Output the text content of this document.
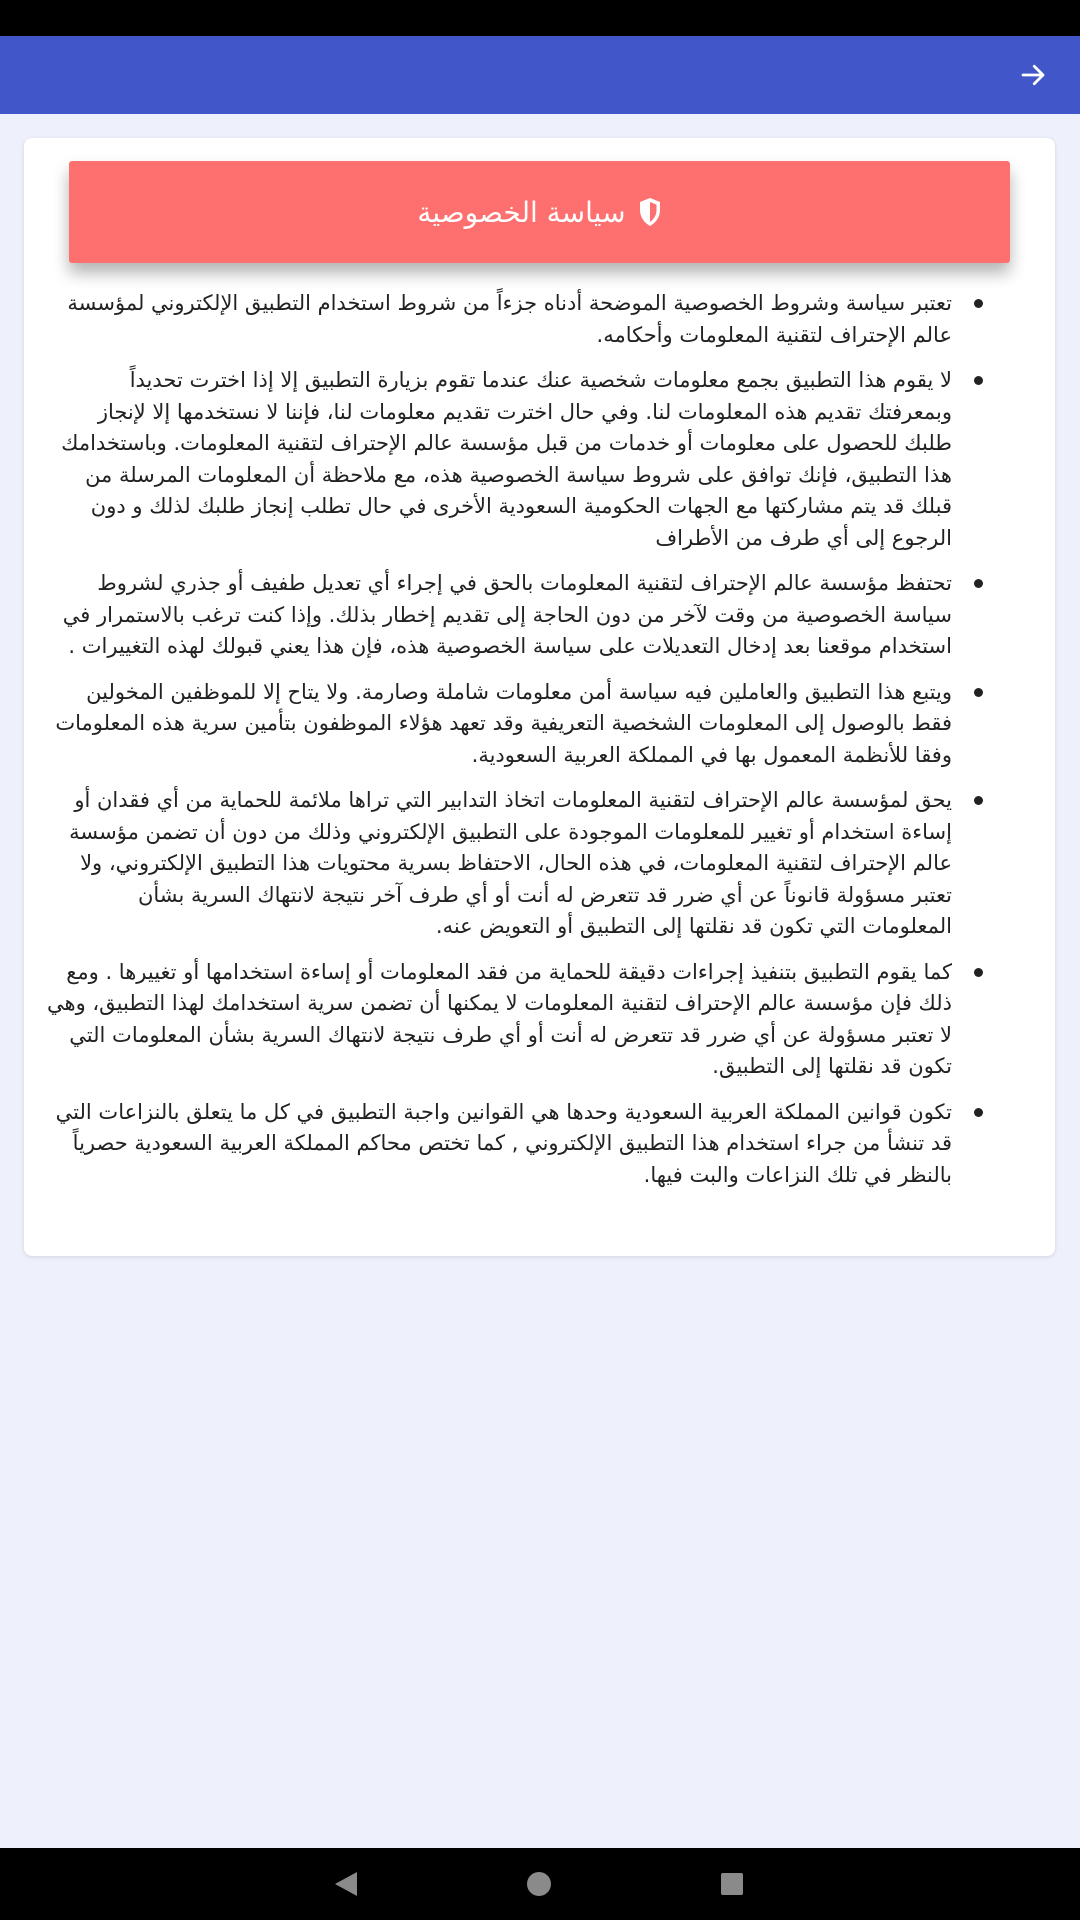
سياسة الخصوصية
تعتبر سياسة وشروط الخصوصية الموضحة أدناه جزءاً من شروط استخدام التطبيق الإلكتروني لمؤسسة عالم الإحتراف لتقنية المعلومات وأحكامه.
لا يقوم هذا التطبيق بجمع معلومات شخصية عنك عندما تقوم بزيارة التطبيق إلا إذا اخترت تحديداً وبمعرفتك تقديم هذه المعلومات لنا. وفي حال اخترت تقديم معلومات لنا، فإننا لا نستخدمها إلا لإنجاز طلبك للحصول على معلومات أو خدمات من قبل مؤسسة عالم الإحتراف لتقنية المعلومات. وباستخدامك هذا التطبيق، فإنك توافق على شروط سياسة الخصوصية هذه، مع ملاحظة أن المعلومات المرسلة من قبلك قد يتم مشاركتها مع الجهات الحكومية السعودية الأخرى في حال تطلب إنجاز طلبك لذلك و دون الرجوع إلى أي طرف من الأطراف
تحتفظ مؤسسة عالم الإحتراف لتقنية المعلومات بالحق في إجراء أي تعديل طفيف أو جذري لشروط سياسة الخصوصية من وقت لآخر من دون الحاجة إلى تقديم إخطار بذلك. وإذا كنت ترغب بالاستمرار في استخدام موقعنا بعد إدخال التعديلات على سياسة الخصوصية هذه، فإن هذا يعني قبولك لهذه التغييرات .
ويتبع هذا التطبيق والعاملين فيه سياسة أمن معلومات شاملة وصارمة. ولا يتاح إلا للموظفين المخولين فقط بالوصول إلى المعلومات الشخصية التعريفية وقد تعهد هؤلاء الموظفون بتأمين سرية هذه المعلومات وفقا للأنظمة المعمول بها في المملكة العربية السعودية.
يحق لمؤسسة عالم الإحتراف لتقنية المعلومات اتخاذ التدابير التي تراها ملائمة للحماية من أي فقدان أو إساءة استخدام أو تغيير للمعلومات الموجودة على التطبيق الإلكتروني وذلك من دون أن تضمن مؤسسة عالم الإحتراف لتقنية المعلومات، في هذه الحال، الاحتفاظ بسرية محتويات هذا التطبيق الإلكتروني، ولا تعتبر مسؤولة قانوناً عن أي ضرر قد تتعرض له أنت أو أي طرف آخر نتيجة لانتهاك السرية بشأن المعلومات التي تكون قد نقلتها إلى التطبيق أو التعويض عنه.
كما يقوم التطبيق بتنفيذ إجراءات دقيقة للحماية من فقد المعلومات أو إساءة استخدامها أو تغييرها . ومع ذلك فإن مؤسسة عالم الإحتراف لتقنية المعلومات لا يمكنها أن تضمن سرية استخدامك لهذا التطبيق، وهي لا تعتبر مسؤولة عن أي ضرر قد تتعرض له أنت أو أي طرف نتيجة لانتهاك السرية بشأن المعلومات التي تكون قد نقلتها إلى التطبيق.
تكون قوانين المملكة العربية السعودية وحدها هي القوانين واجبة التطبيق في كل ما يتعلق بالنزاعات التي قد تنشأ من جراء استخدام هذا التطبيق الإلكتروني , كما تختص محاكم المملكة العربية السعودية حصرياً بالنظر في تلك النزاعات والبت فيها.
